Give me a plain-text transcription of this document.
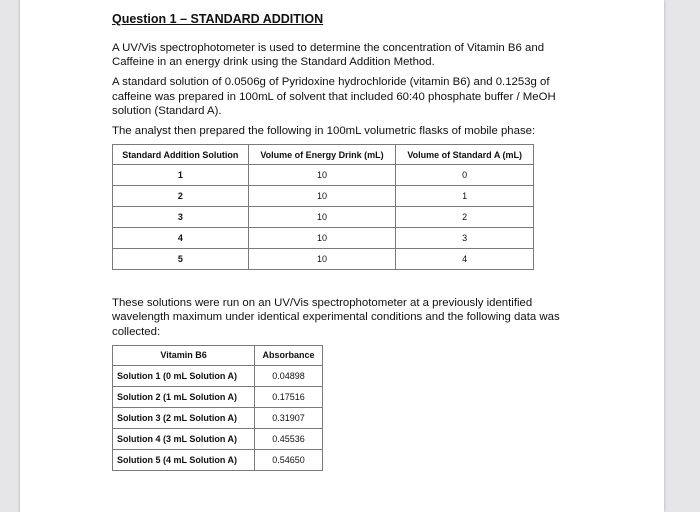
Question 1 – STANDARD ADDITION

A UV/Vis spectrophotometer is used to determine the concentration of Vitamin B6 and Caffeine in an energy drink using the Standard Addition Method.

A standard solution of 0.0506g of Pyridoxine hydrochloride (vitamin B6) and 0.1253g of caffeine was prepared in 100mL of solvent that included 60:40 phosphate buffer / MeOH solution (Standard A).

The analyst then prepared the following in 100mL volumetric flasks of mobile phase:

Standard Addition Solution	Volume of Energy Drink (mL)	Volume of Standard A (mL)
1	10	0
2	10	1
3	10	2
4	10	3
5	10	4

These solutions were run on an UV/Vis spectrophotometer at a previously identified wavelength maximum under identical experimental conditions and the following data was collected:

Vitamin B6	Absorbance
Solution 1 (0 mL Solution A)	0.04898
Solution 2 (1 mL Solution A)	0.17516
Solution 3 (2 mL Solution A)	0.31907
Solution 4 (3 mL Solution A)	0.45536
Solution 5 (4 mL Solution A)	0.54650
